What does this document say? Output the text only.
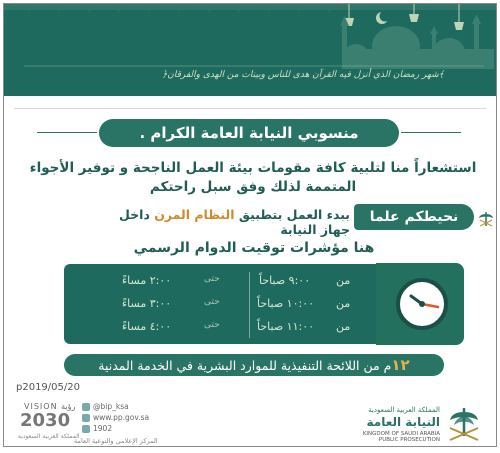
﴿شهر رمضان الذي أنزل فيه القرآن هدى للناس وبينات من الهدى والفرقان﴾
منسوبي النيابة العامة الكرام .
استشعاراً منا لتلبية كافة مقومات بيئة العمل الناجحة و توفير الأجواء
المتممة لذلك وفق سبل راحتكم
نحيطكم علما
ببدء العمل بتطبيق النظام المرن داخل جهاز النيابة
هنا مؤشرات توقيت الدوام الرسمي
من
٩:٠٠ صباحاً
حتى
٢:٠٠ مساءً
من
١٠:٠٠ صباحاً
حتى
٣:٠٠ مساءً
من
١١:٠٠ صباحاً
حتى
٤:٠٠ مساءً
١٢م من اللائحة التنفيذية للموارد البشرية في الخدمة المدنية
p2019/05/20
VISION رؤية
2030
المملكة العربية السعودية
@bip_ksa
www.pp.gov.sa
1902
المركز الإعلامي والتوعية العامة
المملكة العربية السعودية
النيابة العامة
KINGDOM OF SAUDI ARABIA
PUBLIC PROSECUTION
